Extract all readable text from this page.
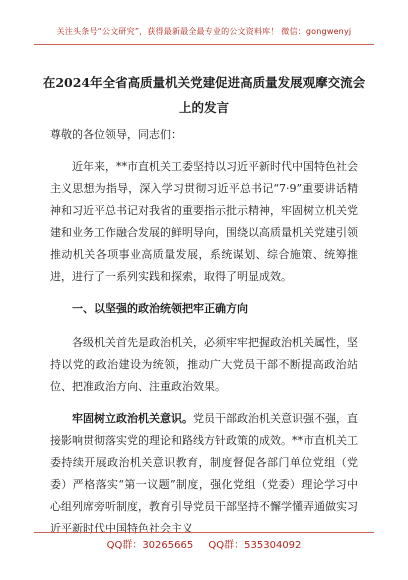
关注头条号“公文研究”，获得最新最全最专业的公文资料库！ 微信：gongwenyj
在2024年全省高质量机关党建促进高质量发展观摩交流会
上的发言

尊敬的各位领导，同志们：

近年来，**市直机关工委坚持以习近平新时代中国特色社会主义思想为指导，深入学习贯彻习近平总书记“7·9”重要讲话精神和习近平总书记对我省的重要指示批示精神，牢固树立机关党建和业务工作融合发展的鲜明导向，围绕以高质量机关党建引领推动机关各项事业高质量发展，系统谋划、综合施策、统筹推进，进行了一系列实践和探索，取得了明显成效。

一、以坚强的政治统领把牢正确方向

各级机关首先是政治机关，必须牢牢把握政治机关属性，坚持以党的政治建设为统领，推动广大党员干部不断提高政治站位、把准政治方向、注重政治效果。

牢固树立政治机关意识。党员干部政治机关意识强不强，直接影响贯彻落实党的理论和路线方针政策的成效。**市直机关工委持续开展政治机关意识教育，制度督促各部门单位党组（党委）严格落实“第一议题”制度，强化党组（党委）理论学习中心组列席旁听制度，教育引导党员干部坚持不懈学懂弄通做实习近平新时代中国特色社会主义

QQ群：30265665 QQ群：535304092
